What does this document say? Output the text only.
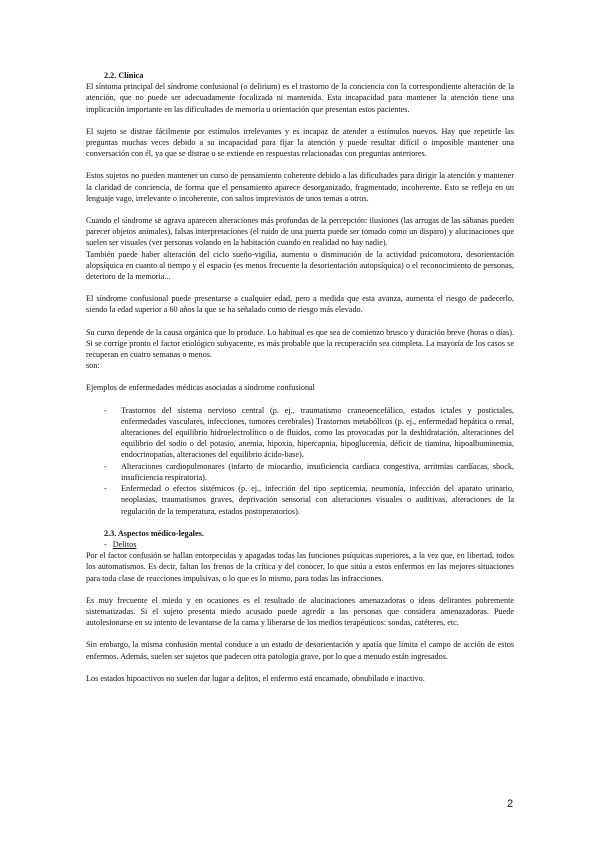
2.2. Clínica

El síntoma principal del síndrome confusional (o delirium) es el trastorno de la conciencia con la correspondiente alteración de la atención, que no puede ser adecuadamente focalizada ni mantenida. Esta incapacidad para mantener la atención tiene una implicación importante en las dificultades de memoria u orientación que presentan estos pacientes.

El sujeto se distrae fácilmente por estímulos irrelevantes y es incapaz de atender a estímulos nuevos. Hay que repetirle las preguntas muchas veces debido a su incapacidad para fijar la atención y puede resultar difícil o imposible mantener una conversación con él, ya que se distrae o se extiende en respuestas relacionadas con preguntas anteriores.

Estos sujetos no pueden mantener un curso de pensamiento coherente debido a las dificultades para dirigir la atención y mantener la claridad de conciencia, de forma que el pensamiento aparece desorganizado, fragmentado, incoherente. Esto se refleja en un lenguaje vago, irrelevante o incoherente, con saltos imprevistos de unos temas a otros.

Cuando el síndrome se agrava aparecen alteraciones más profundas de la percepción: ilusiones (las arrugas de las sábanas pueden parecer objetos animales), falsas interpretaciones (el ruido de una puerta puede ser tomado como un disparo) y alucinaciones que suelen ser visuales (ver personas volando en la habitación cuando en realidad no hay nadie).

También puede haber alteración del ciclo sueño-vigilia, aumento o disminución de la actividad psicomotora, desorientación alopsíquica en cuanto al tiempo y el espacio (es menos frecuente la desorientación autopsíquica) o el reconocimiento de personas, deterioro de la memoria...

El síndrome confusional puede presentarse a cualquier edad, pero a medida que esta avanza, aumenta el riesgo de padecerlo, siendo la edad superior a 60 años la que se ha señalado como de riesgo más elevado.

Su curso depende de la causa orgánica que lo produce. Lo habitual es que sea de comienzo brusco y duración breve (horas o días). Si se corrige pronto el factor etiológico subyacente, es más probable que la recuperación sea completa. La mayoría de los casos se recuperan en cuatro semanas o menos.

son:

Ejemplos de enfermedades médicas asociadas a síndrome confusional

- Trastornos del sistema nervioso central (p. ej., traumatismo craneoencefálico, estados ictales y postictales, enfermedades vasculares, infecciones, tumores cerebrales) Trastornos metabólicos (p. ej., enfermedad hepática o renal, alteraciones del equilibrio hidroelectrolítico o de fluidos, como las provocadas por la deshidratación, alteraciones del equilibrio del sodio o del potasio, anemia, hipoxia, hipercapnia, hipoglucemia, déficit de tiamina, hipoalbuminemia, endocrinopatías, alteraciones del equilibrio ácido-base).
- Alteraciones cardiopulmonares (infarto de miocardio, insuficiencia cardíaca congestiva, arritmias cardíacas, shock, insuficiencia respiratoria).
- Enfermedad o efectos sistémicos (p. ej., infección del tipo septicemia, neumonía, infección del aparato urinario, neoplasias, traumatismos graves, deprivación sensorial con alteraciones visuales o auditivas, alteraciones de la regulación de la temperatura, estados postoperatorios).
2.3. Aspectos médico-legales.
- Delitos

Por el factor confusión se hallan entorpecidas y apagadas todas las funciones psíquicas superiores, a la vez que, en libertad, todos los automatismos. Es decir, faltan los frenos de la crítica y del conocer, lo que sitúa a estos enfermos en las mejores situaciones para toda clase de reacciones impulsivas, o lo que es lo mismo, para todas las infracciones.

Es muy frecuente el miedo y en ocasiones es el resultado de alucinaciones amenazadoras o ideas delirantes pobremente sistematizadas. Si el sujeto presenta miedo acusado puede agredir a las personas que considera amenazadoras. Puede autolesionarse en su intento de levantarse de la cama y liberarse de los medios terapéuticos: sondas, catéteres, etc.

Sin embargo, la misma confusión mental conduce a un estado de desorientación y apatía que limita el campo de acción de estos enfermos. Además, suelen ser sujetos que padecen otra patología grave, por lo que a menudo están ingresados.

Los estados hipoactivos no suelen dar lugar a delitos, el enfermo está encamado, obnubilado e inactivo.

2
